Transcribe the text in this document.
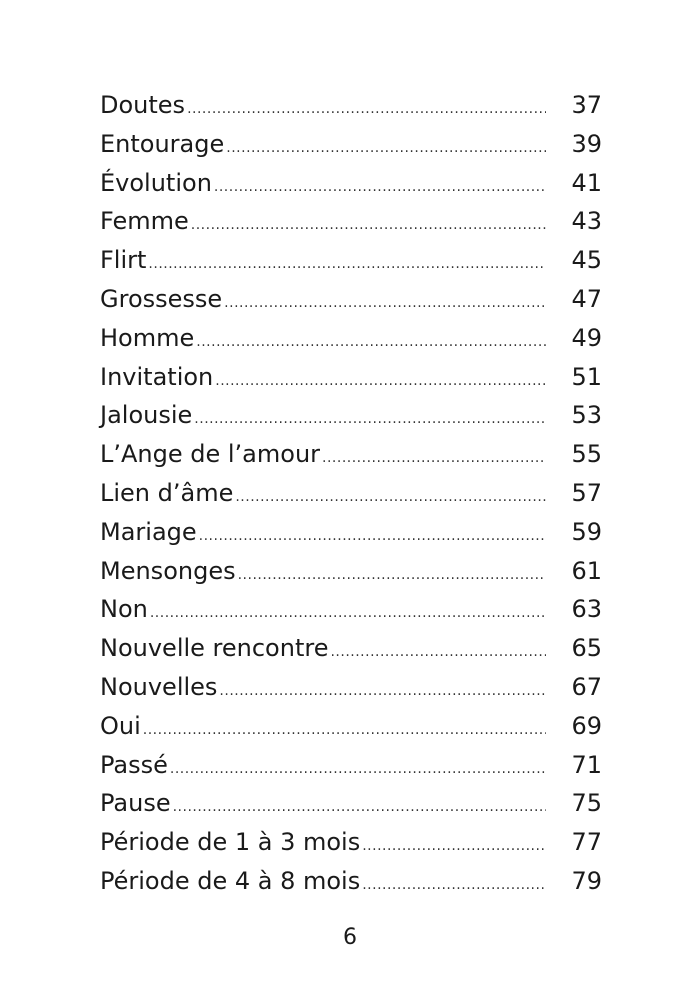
Doutes .....	37
Entourage .....	39
Évolution .....	41
Femme .....	43
Flirt .....	45
Grossesse .....	47
Homme .....	49
Invitation .....	51
Jalousie .....	53
L’Ange de l’amour .....	55
Lien d’âme .....	57
Mariage .....	59
Mensonges .....	61
Non .....	63
Nouvelle rencontre .....	65
Nouvelles .....	67
Oui .....	69
Passé .....	71
Pause .....	75
Période de 1 à 3 mois .....	77
Période de 4 à 8 mois .....	79
6
